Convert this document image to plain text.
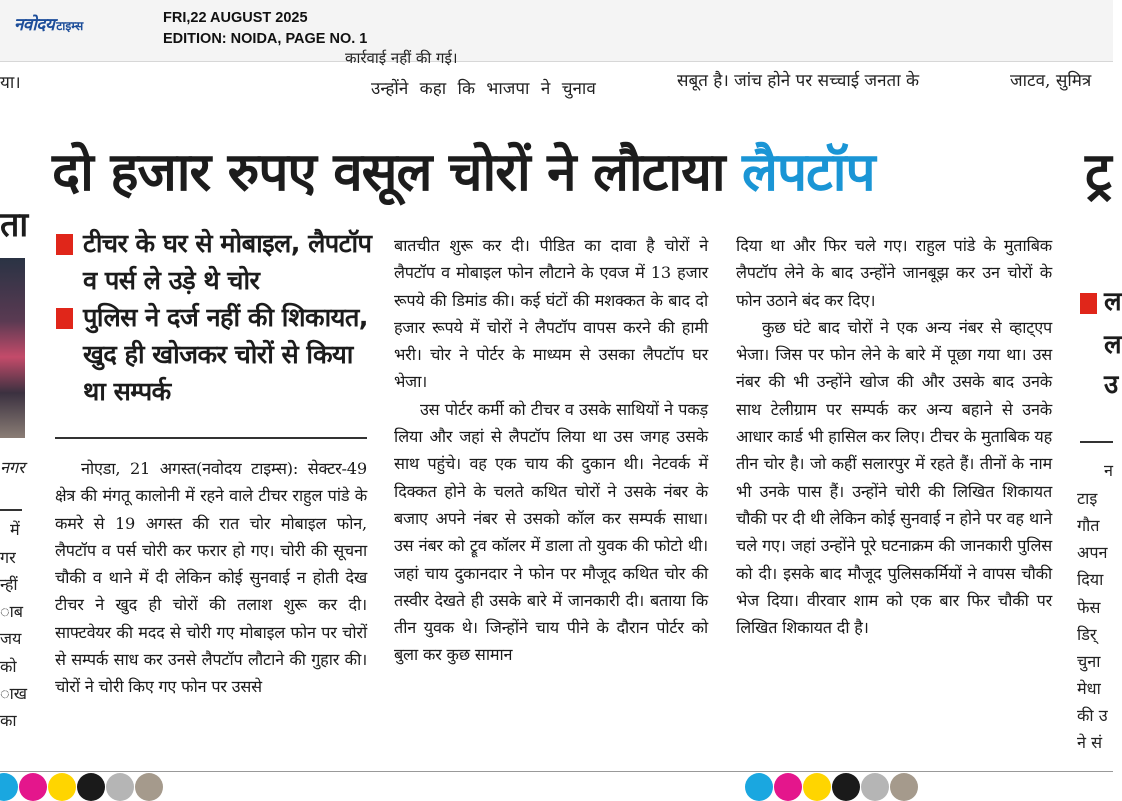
नवोदय टाइम्स	FRI,22 AUGUST 2025
EDITION: NOIDA, PAGE NO. 1
या।
कार्रवाई नहीं की गई।
उन्होंने कहा कि भाजपा ने चुनाव	सबूत है। जांच होने पर सच्चाई जनता के	जाटव, सुमित्र
दो हजार रुपए वसूल चोरों ने लौटाया लैपटॉप	ट्र
ता
नगर
में
गर
न्हीं
ाब
जय
को
ाख
का
टीचर के घर से मोबाइल, लैपटॉप व पर्स ले उड़े थे चोर
पुलिस ने दर्ज नहीं की शिकायत, खुद ही खोजकर चोरों से किया था सम्पर्क

नोएडा, 21 अगस्त(नवोदय टाइम्स): सेक्टर-49 क्षेत्र की मंगतू कालोनी में रहने वाले टीचर राहुल पांडे के कमरे से 19 अगस्त की रात चोर मोबाइल फोन, लैपटॉप व पर्स चोरी कर फरार हो गए। चोरी की सूचना चौकी व थाने में दी लेकिन कोई सुनवाई न होती देख टीचर ने खुद ही चोरों की तलाश शुरू कर दी। साफ्टवेयर की मदद से चोरी गए मोबाइल फोन पर चोरों से सम्पर्क साध कर उनसे लैपटॉप लौटाने की गुहार की। चोरों ने चोरी किए गए फोन पर उससे

बातचीत शुरू कर दी। पीडित का दावा है चोरों ने लैपटॉप व मोबाइल फोन लौटाने के एवज में 13 हजार रूपये की डिमांड की। कई घंटों की मशक्कत के बाद दो हजार रूपये में चोरों ने लैपटॉप वापस करने की हामी भरी। चोर ने पोर्टर के माध्यम से उसका लैपटॉप घर भेजा।

उस पोर्टर कर्मी को टीचर व उसके साथियों ने पकड़ लिया और जहां से लैपटॉप लिया था उस जगह उसके साथ पहुंचे। वह एक चाय की दुकान थी। नेटवर्क में दिक्कत होने के चलते कथित चोरों ने उसके नंबर के बजाए अपने नंबर से उसको कॉल कर सम्पर्क साधा। उस नंबर को ट्रूव कॉलर में डाला तो युवक की फोटो थी। जहां चाय दुकानदार ने फोन पर मौजूद कथित चोर की तस्वीर देखते ही उसके बारे में जानकारी दी। बताया कि तीन युवक थे। जिन्होंने चाय पीने के दौरान पोर्टर को बुला कर कुछ सामान

दिया था और फिर चले गए। राहुल पांडे के मुताबिक लैपटॉप लेने के बाद उन्होंने जानबूझ कर उन चोरों के फोन उठाने बंद कर दिए।

कुछ घंटे बाद चोरों ने एक अन्य नंबर से व्हाट्एप भेजा। जिस पर फोन लेने के बारे में पूछा गया था। उस नंबर की भी उन्होंने खोज की और उसके बाद उनके साथ टेलीग्राम पर सम्पर्क कर अन्य बहाने से उनके आधार कार्ड भी हासिल कर लिए। टीचर के मुताबिक यह तीन चोर है। जो कहीं सलारपुर में रहते हैं। तीनों के नाम भी उनके पास हैं। उन्होंने चोरी की लिखित शिकायत चौकी पर दी थी लेकिन कोई सुनवाई न होने पर वह थाने चले गए। जहां उन्होंने पूरे घटनाक्रम की जानकारी पुलिस को दी। इसके बाद मौजूद पुलिसकर्मियों ने वापस चौकी भेज दिया। वीरवार शाम को एक बार फिर चौकी पर लिखित शिकायत दी है।

ल
ल
उ
न
टाइ
गौत
अपन
दिया
फेस
डिर्
चुना
मेधा
की उ
ने सं
